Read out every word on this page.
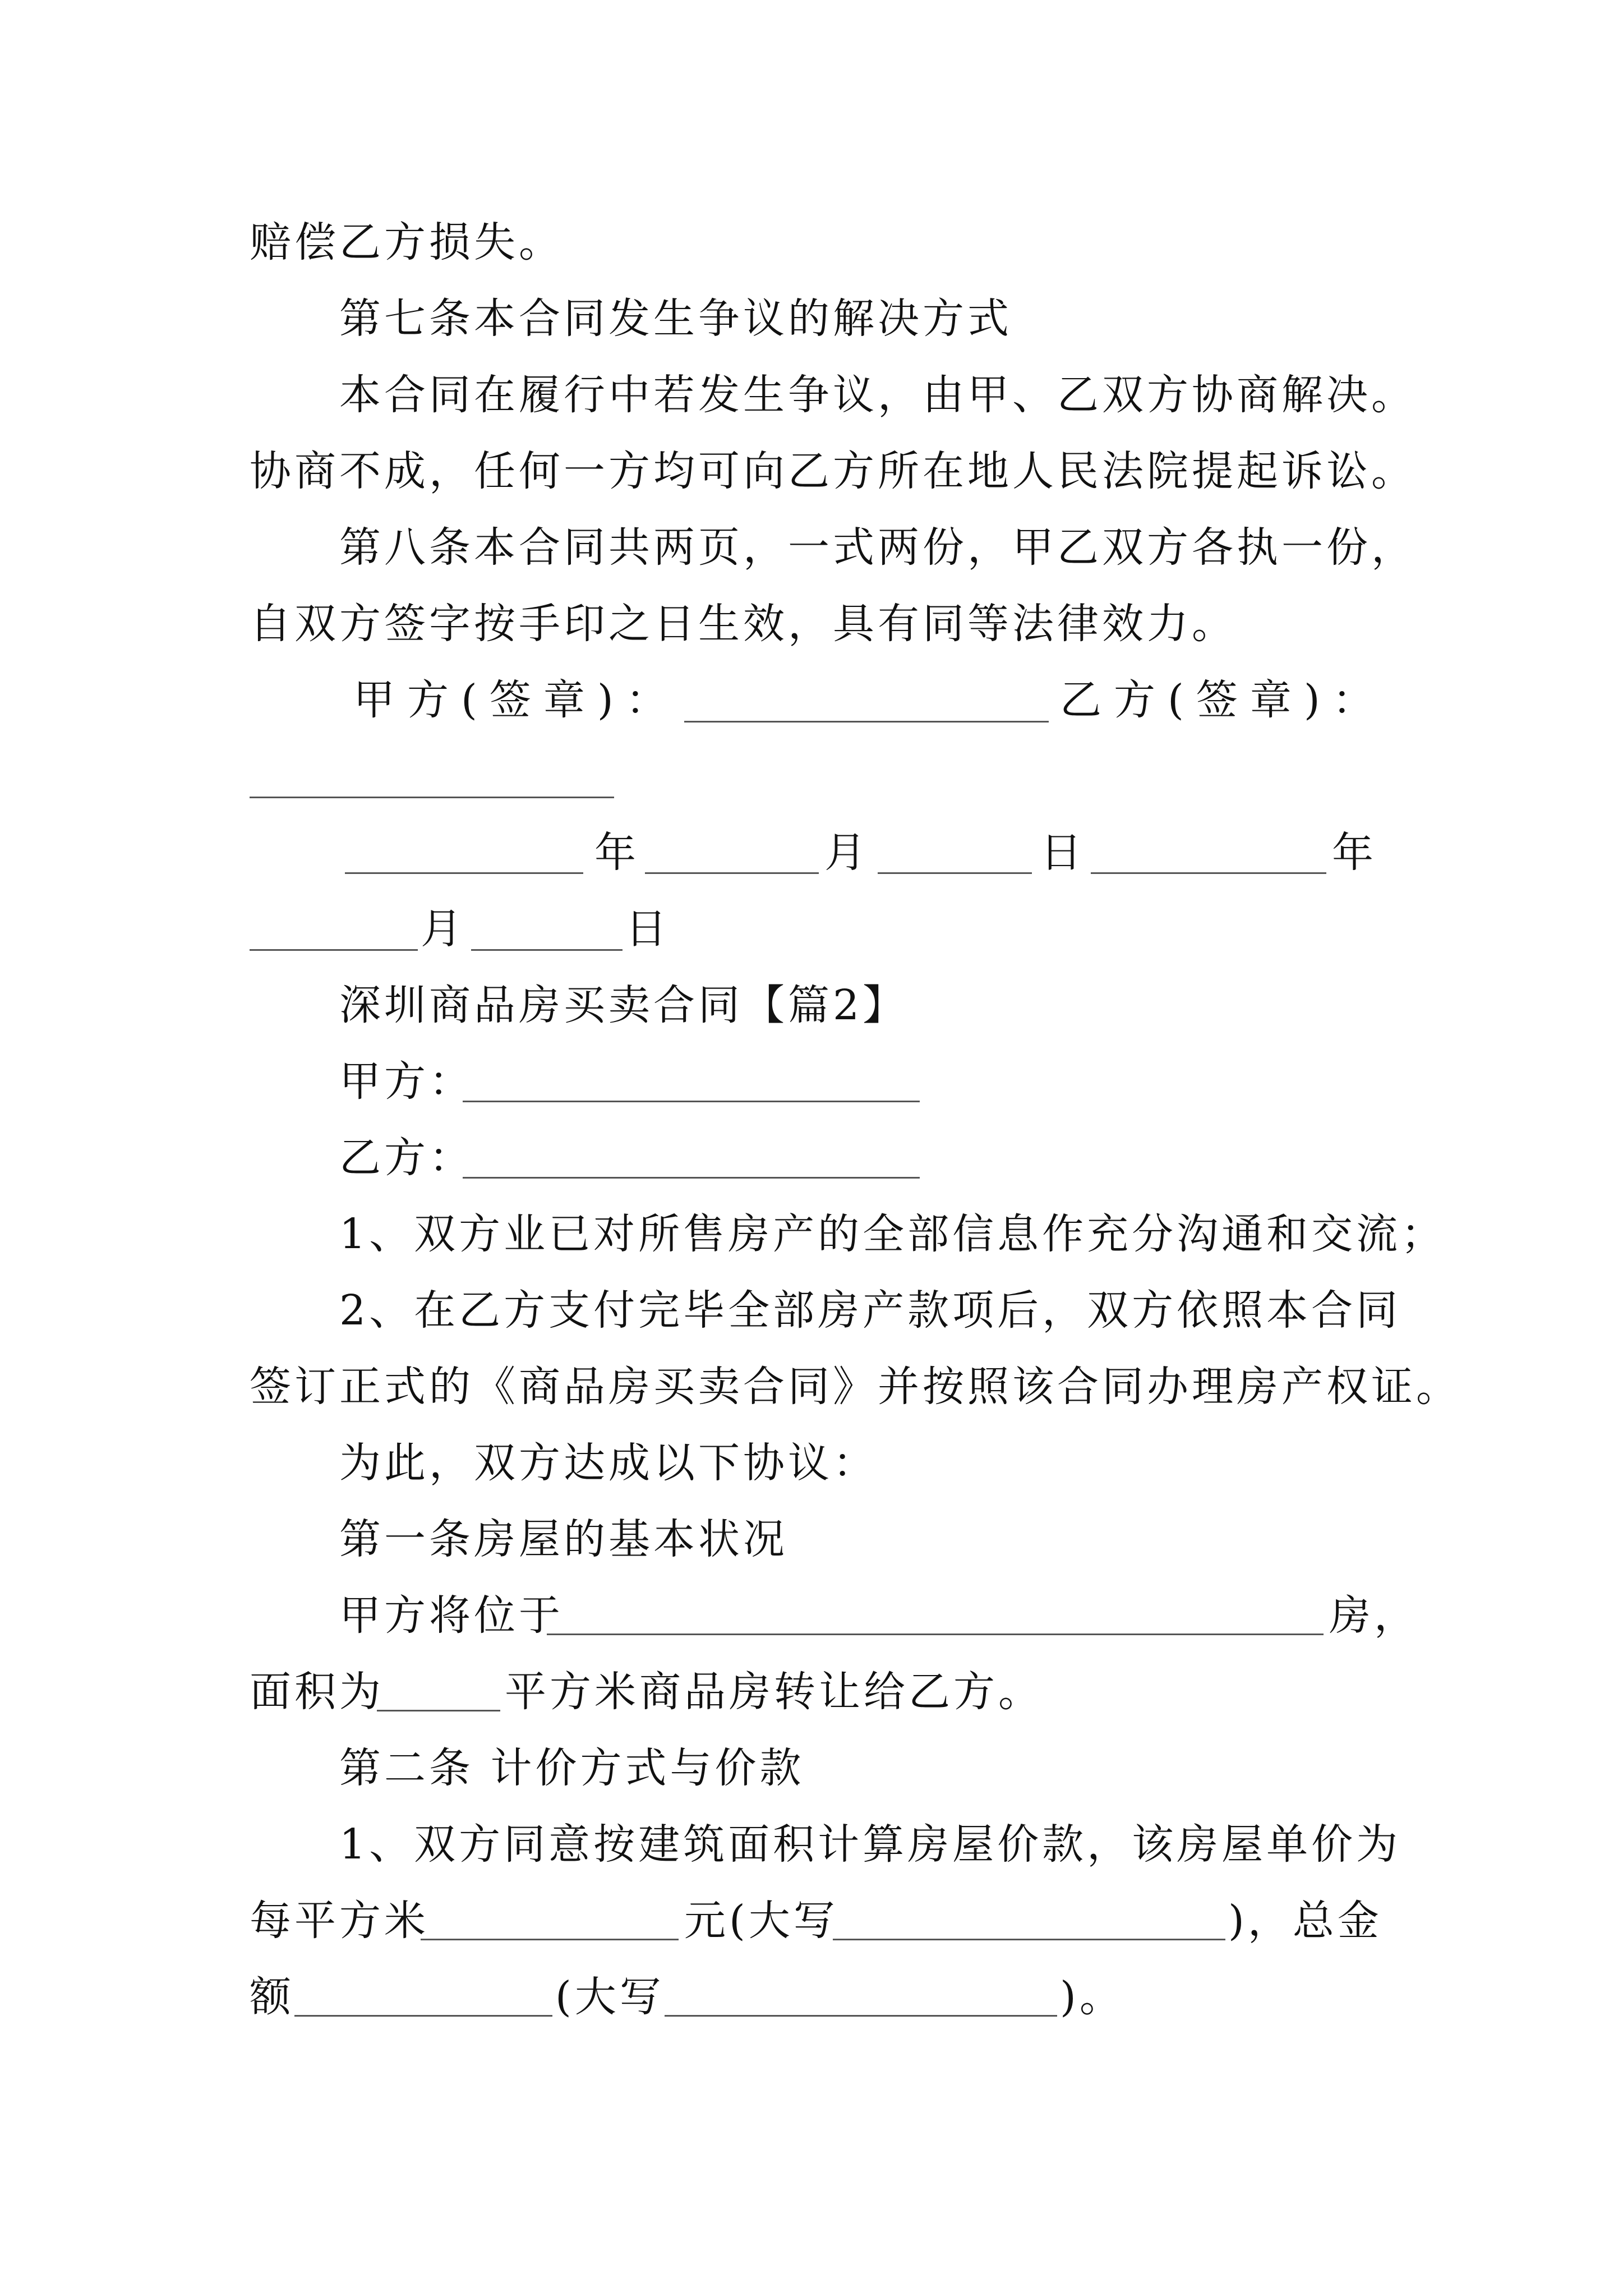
赔偿乙方损失。
第七条本合同发生争议的解决方式
本合同在履行中若发生争议，由甲、乙双方协商解决。
协商不成，任何一方均可向乙方所在地人民法院提起诉讼。
第八条本合同共两页，一式两份，甲乙双方各执一份，
自双方签字按手印之日生效，具有同等法律效力。
甲方(签章)：	乙方(签章)：
年	月	日	年
月	日
深圳商品房买卖合同【篇2】
甲方：
乙方：
1、双方业已对所售房产的全部信息作充分沟通和交流；
2、在乙方支付完毕全部房产款项后，双方依照本合同
签订正式的《商品房买卖合同》并按照该合同办理房产权证。
为此，双方达成以下协议：
第一条房屋的基本状况
甲方将位于	房，
面积为	平方米商品房转让给乙方。
第二条 计价方式与价款
1、双方同意按建筑面积计算房屋价款，该房屋单价为
每平方米	元(大写	)，总金
额	(大写	)。
